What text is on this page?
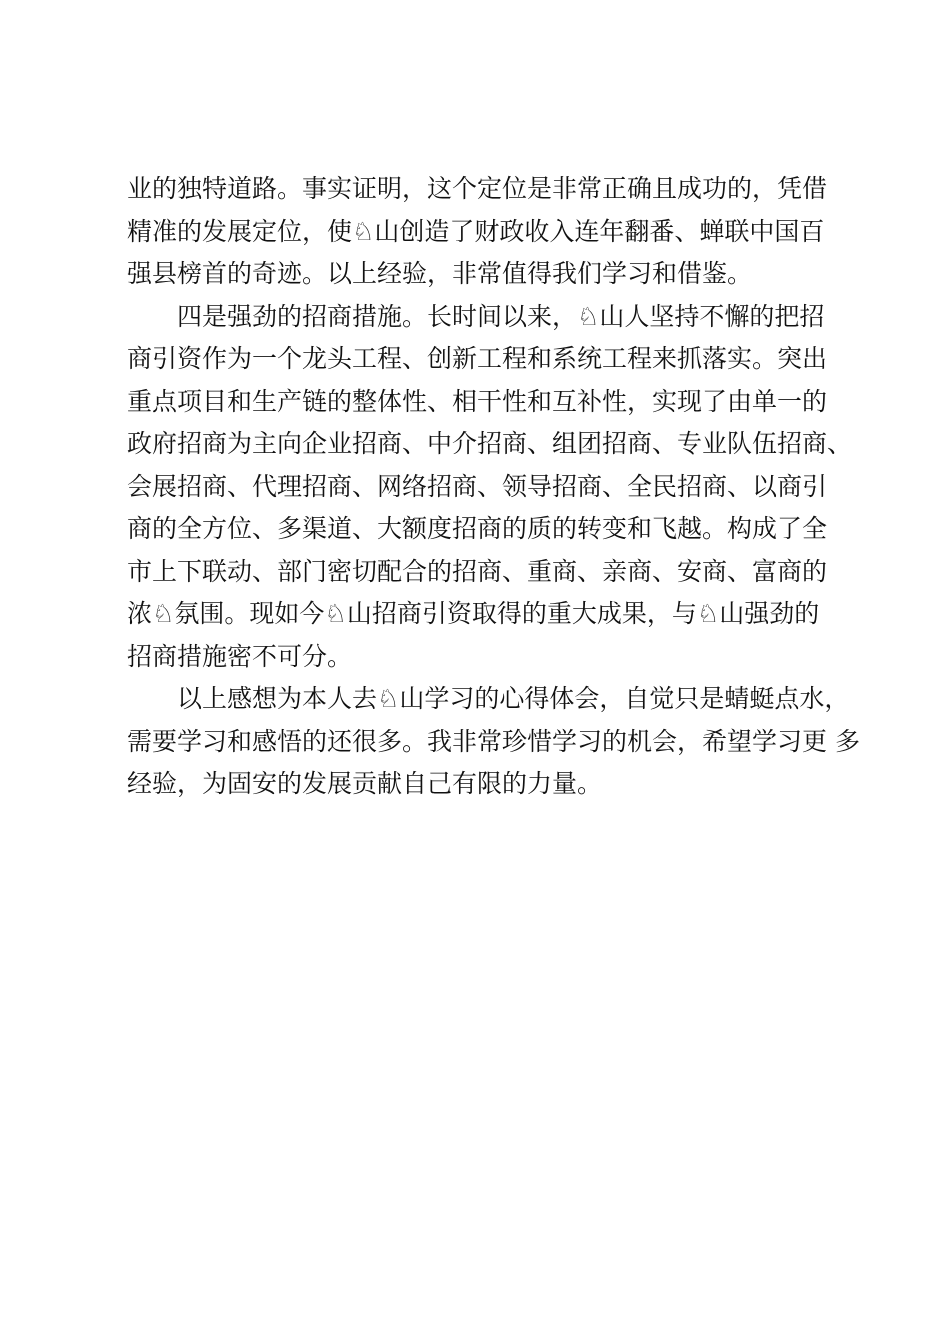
业的独特道路。事实证明，这个定位是非常正确且成功的，凭借
精准的发展定位，使♘山创造了财政收入连年翻番、蝉联中国百
强县榜首的奇迹。以上经验，非常值得我们学习和借鉴。
四是强劲的招商措施。长时间以来，♘山人坚持不懈的把招
商引资作为一个龙头工程、创新工程和系统工程来抓落实。突出
重点项目和生产链的整体性、相干性和互补性，实现了由单一的
政府招商为主向企业招商、中介招商、组团招商、专业队伍招商、
会展招商、代理招商、网络招商、领导招商、全民招商、以商引
商的全方位、多渠道、大额度招商的质的转变和飞越。构成了全
市上下联动、部门密切配合的招商、重商、亲商、安商、富商的
浓♘氛围。现如今♘山招商引资取得的重大成果，与♘山强劲的
招商措施密不可分。
以上感想为本人去♘山学习的心得体会，自觉只是蜻蜓点水，
需要学习和感悟的还很多。我非常珍惜学习的机会，希望学习更 多
经验，为固安的发展贡献自己有限的力量。
